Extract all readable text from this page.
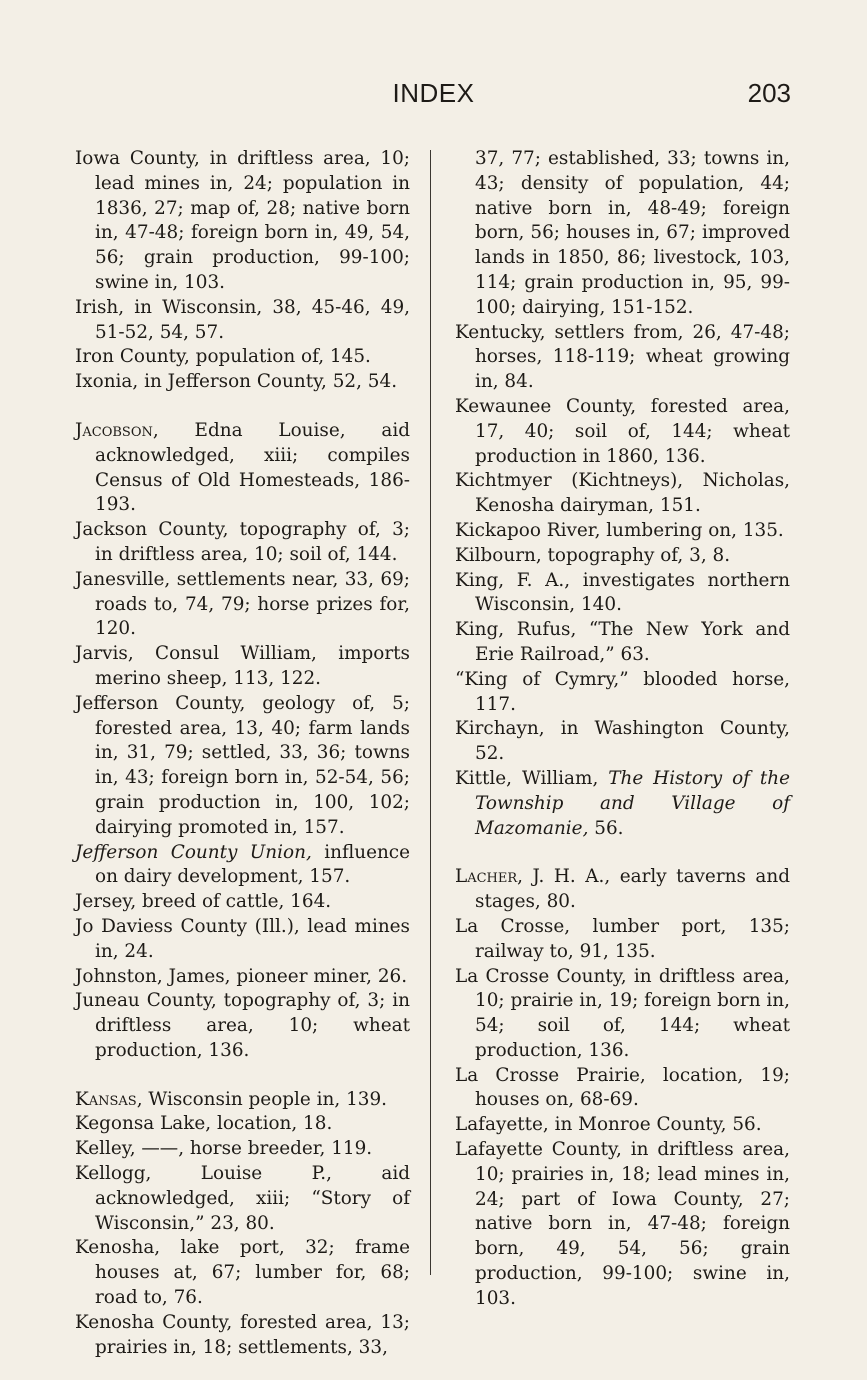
INDEX	203

Iowa County, in driftless area, 10; lead mines in, 24; population in 1836, 27; map of, 28; native born in, 47-48; foreign born in, 49, 54, 56; grain production, 99-100; swine in, 103.

Irish, in Wisconsin, 38, 45-46, 49, 51-52, 54, 57.

Iron County, population of, 145.

Ixonia, in Jefferson County, 52, 54.

Jacobson, Edna Louise, aid acknowledged, xiii; compiles Census of Old Homesteads, 186-193.

Jackson County, topography of, 3; in driftless area, 10; soil of, 144.

Janesville, settlements near, 33, 69; roads to, 74, 79; horse prizes for, 120.

Jarvis, Consul William, imports merino sheep, 113, 122.

Jefferson County, geology of, 5; forested area, 13, 40; farm lands in, 31, 79; settled, 33, 36; towns in, 43; foreign born in, 52-54, 56; grain production in, 100, 102; dairying promoted in, 157.

Jefferson County Union, influence on dairy development, 157.

Jersey, breed of cattle, 164.

Jo Daviess County (Ill.), lead mines in, 24.

Johnston, James, pioneer miner, 26.

Juneau County, topography of, 3; in driftless area, 10; wheat production, 136.

Kansas, Wisconsin people in, 139.

Kegonsa Lake, location, 18.

Kelley, ——, horse breeder, 119.

Kellogg, Louise P., aid acknowledged, xiii; “Story of Wisconsin,” 23, 80.

Kenosha, lake port, 32; frame houses at, 67; lumber for, 68; road to, 76.

Kenosha County, forested area, 13; prairies in, 18; settlements, 33,

37, 77; established, 33; towns in, 43; density of population, 44; native born in, 48-49; foreign born, 56; houses in, 67; improved lands in 1850, 86; livestock, 103, 114; grain production in, 95, 99-100; dairying, 151-152.

Kentucky, settlers from, 26, 47-48; horses, 118-119; wheat growing in, 84.

Kewaunee County, forested area, 17, 40; soil of, 144; wheat production in 1860, 136.

Kichtmyer (Kichtneys), Nicholas, Kenosha dairyman, 151.

Kickapoo River, lumbering on, 135.

Kilbourn, topography of, 3, 8.

King, F. A., investigates northern Wisconsin, 140.

King, Rufus, “The New York and Erie Railroad,” 63.

“King of Cymry,” blooded horse, 117.

Kirchayn, in Washington County, 52.

Kittle, William, The History of the Township and Village of Mazomanie, 56.

Lacher, J. H. A., early taverns and stages, 80.

La Crosse, lumber port, 135; railway to, 91, 135.

La Crosse County, in driftless area, 10; prairie in, 19; foreign born in, 54; soil of, 144; wheat production, 136.

La Crosse Prairie, location, 19; houses on, 68-69.

Lafayette, in Monroe County, 56.

Lafayette County, in driftless area, 10; prairies in, 18; lead mines in, 24; part of Iowa County, 27; native born in, 47-48; foreign born, 49, 54, 56; grain production, 99-100; swine in, 103.
